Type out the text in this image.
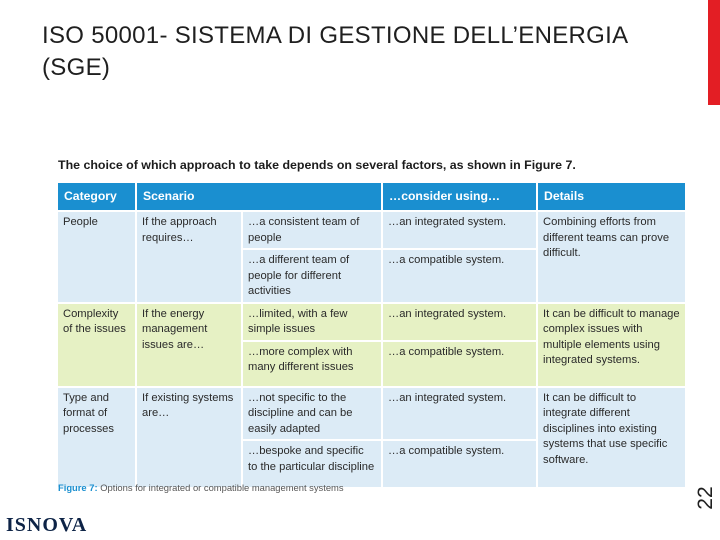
ISO 50001- SISTEMA DI GESTIONE DELL’ENERGIA (SGE)
The choice of which approach to take depends on several factors, as shown in Figure 7.
Category	Scenario		…consider using…	Details
People	If the approach requires…	…a consistent team of people	…an integrated system.	Combining efforts from different teams can prove difficult.
		…a different team of people for different activities	…a compatible system.	
Complexity of the issues	If the energy management issues are…	…limited, with a few simple issues	…an integrated system.	It can be difficult to manage complex issues with multiple elements using integrated systems.
		…more complex with many different issues	…a compatible system.	
Type and format of processes	If existing systems are…	…not specific to the discipline and can be easily adapted	…an integrated system.	It can be difficult to integrate different disciplines into existing systems that use specific software.
		…bespoke and specific to the particular discipline	…a compatible system.	
Figure 7: Options for integrated or compatible management systems	22
ISNOVA
